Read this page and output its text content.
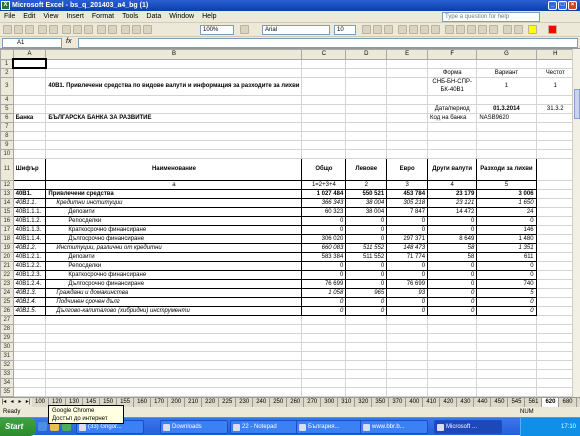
X Microsoft Excel - bs_q_201403_a4_bg (1)	_	□	×
File Edit View Insert Format Tools Data Window Help	Type a question for help
100%	Arial	10
A1	fx
	A	B	C	D	E	F	G	H	
1									
2						Форма	Вариант	Честот	
3		40В1. Привлечени средства по видове валути и информация за разходите за лихви				СНБ-БН-СПР-БК-40В1	1	1	
4									
5						Дата/период	01.3.2014	31.3.2	
6	Банка	БЪЛГАРСКА БАНКА ЗА РАЗВИТИЕ				Код на банка	NASB9620		
7									
8									
9									
10									
11	Шифър	Наименование	Общо	Левове	Евро	Други валути	Разходи за лихви		
12		а	1=2+3+4	2	3	4	5		
13	40В1.	Привлечени средства	1 027 484	550 521	453 784	23 179	3 006		
14	40В1.1.	Кредитни институции	366 343	38 004	305 218	23 121	1 650		
15	40В1.1.1.	Депозити	60 323	38 004	7 847	14 472	24		
16	40В1.1.2.	Репосделки	0	0	0	0	0		
17	40В1.1.3.	Краткосрочно финансиране	0	0	0	0	146		
18	40В1.1.4.	Дългосрочно финансиране	306 020	0	297 371	8 649	1 480		
19	40В1.2.	Институции, различни от кредитни	660 083	511 552	148 473	58	1 351		
20	40В1.2.1.	Депозити	583 384	511 552	71 774	58	611		
21	40В1.2.2.	Репосделки	0	0	0	0	0		
22	40В1.2.3.	Краткосрочно финансиране	0	0	0	0	0		
23	40В1.2.4.	Дългосрочно финансиране	76 699	0	76 699	0	740		
24	40В1.3.	Граждани и домакинства	1 058	965	93	0	5		
25	40В1.4.	Подчинен срочен дълг	0	0	0	0	0		
26	40В1.5.	Дългово-капиталово (хибридни) инструменти	0	0	0	0	0		
27									
28									
29									
30									
31									
32									
33									
34									
35									

|◂ ◂ ▸ ▸| 100 120 130 145 150 155 160 170 200 210 220 225 230 240 250 260 270 300 310 320 350 370 400 410 420 430 440 450 545 561 620 680
Ready	NUM
Google Chrome
Достъп до интернет
Start	(33) Grigor...	Downloads	22 - Notepad	България...	www.bbr.b...	Microsoft ...	17:10
